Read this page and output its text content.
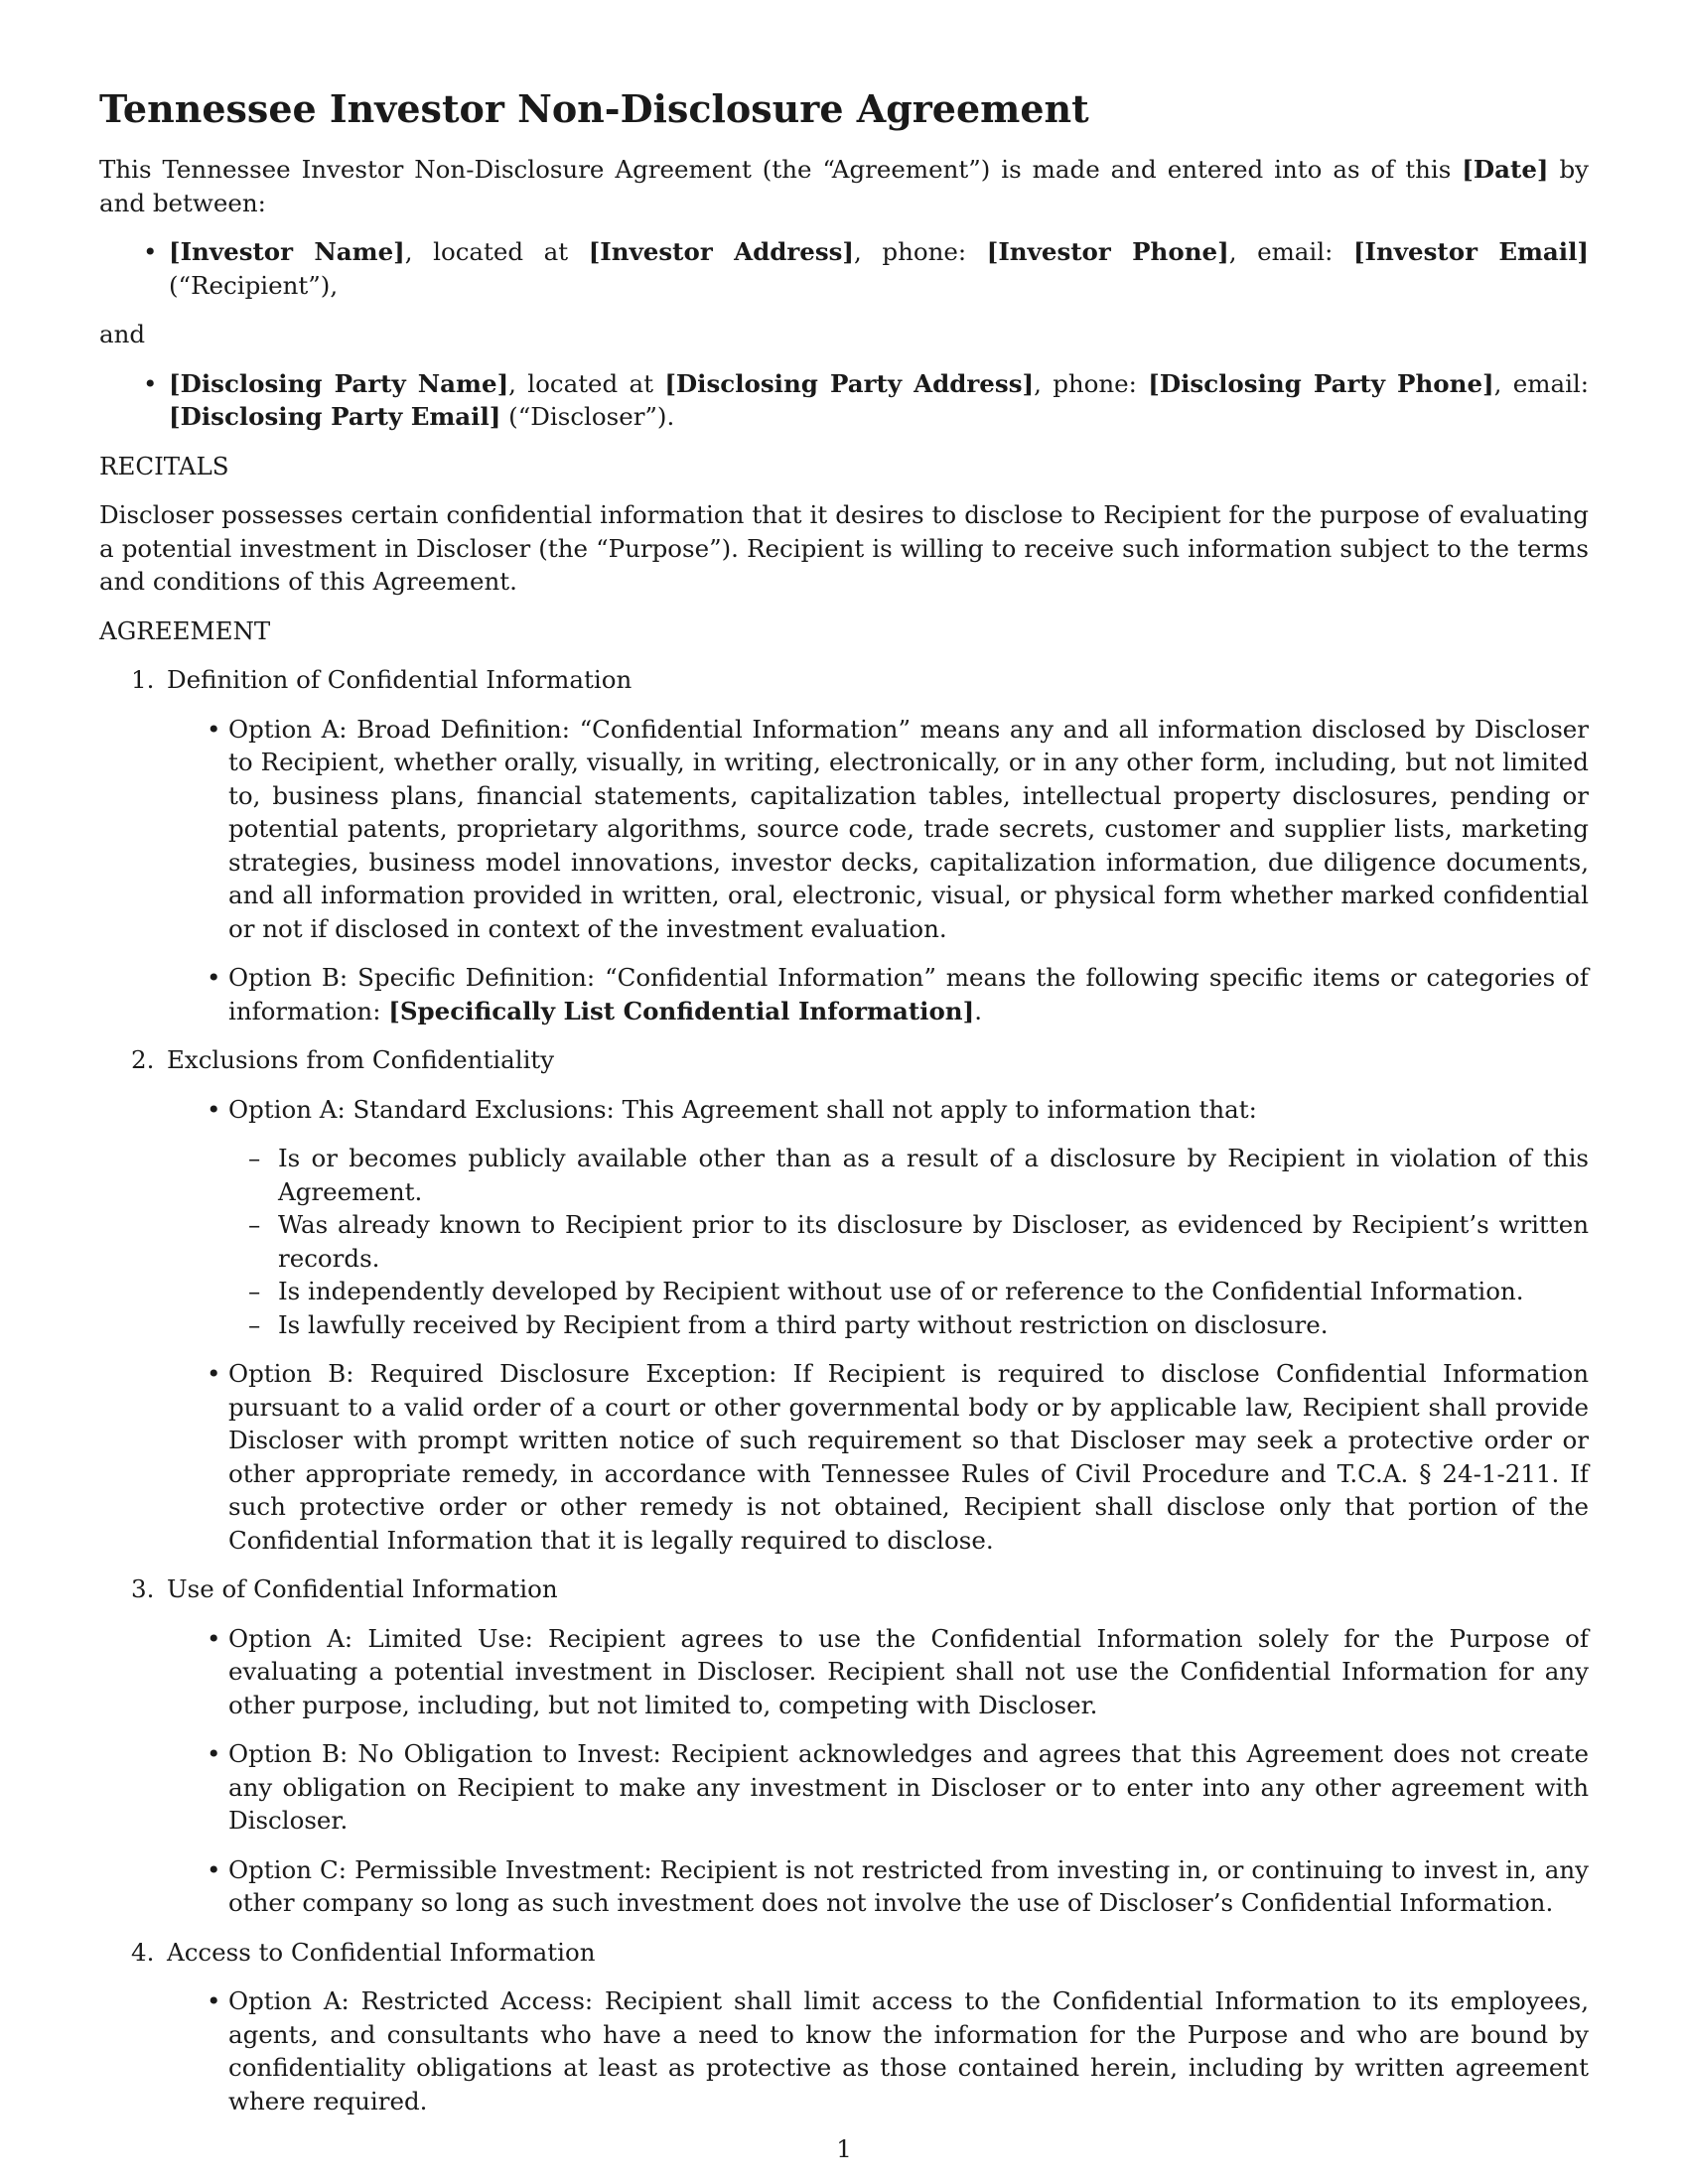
Tennessee Investor Non-Disclosure Agreement

This Tennessee Investor Non-Disclosure Agreement (the “Agreement”) is made and entered into as of this [Date] by and between:

• [Investor Name], located at [Investor Address], phone: [Investor Phone], email: [Investor Email] (“Recipient”),
and
• [Disclosing Party Name], located at [Disclosing Party Address], phone: [Disclosing Party Phone], email: [Disclosing Party Email] (“Discloser”).
RECITALS

Discloser possesses certain confidential information that it desires to disclose to Recipient for the purpose of evaluating a potential investment in Discloser (the “Purpose”). Recipient is willing to receive such information subject to the terms and conditions of this Agreement.

AGREEMENT
1. Definition of Confidential Information
• Option A: Broad Definition: “Confidential Information” means any and all information disclosed by Discloser to Recipient, whether orally, visually, in writing, electronically, or in any other form, including, but not limited to, business plans, financial statements, capitalization tables, intellectual property disclosures, pending or potential patents, proprietary algorithms, source code, trade secrets, customer and supplier lists, marketing strategies, business model innovations, investor decks, capitalization information, due diligence documents, and all information provided in written, oral, electronic, visual, or physical form whether marked confidential or not if disclosed in context of the investment evaluation.
• Option B: Specific Definition: “Confidential Information” means the following specific items or categories of information: [Specifically List Confidential Information].
2. Exclusions from Confidentiality
• Option A: Standard Exclusions: This Agreement shall not apply to information that:
– Is or becomes publicly available other than as a result of a disclosure by Recipient in violation of this Agreement.
– Was already known to Recipient prior to its disclosure by Discloser, as evidenced by Recipient’s written records.
– Is independently developed by Recipient without use of or reference to the Confidential Information.
– Is lawfully received by Recipient from a third party without restriction on disclosure.
• Option B: Required Disclosure Exception: If Recipient is required to disclose Confidential Information pursuant to a valid order of a court or other governmental body or by applicable law, Recipient shall provide Discloser with prompt written notice of such requirement so that Discloser may seek a protective order or other appropriate remedy, in accordance with Tennessee Rules of Civil Procedure and T.C.A. § 24-1-211. If such protective order or other remedy is not obtained, Recipient shall disclose only that portion of the Confidential Information that it is legally required to disclose.
3. Use of Confidential Information
• Option A: Limited Use: Recipient agrees to use the Confidential Information solely for the Purpose of evaluating a potential investment in Discloser. Recipient shall not use the Confidential Information for any other purpose, including, but not limited to, competing with Discloser.
• Option B: No Obligation to Invest: Recipient acknowledges and agrees that this Agreement does not create any obligation on Recipient to make any investment in Discloser or to enter into any other agreement with Discloser.
• Option C: Permissible Investment: Recipient is not restricted from investing in, or continuing to invest in, any other company so long as such investment does not involve the use of Discloser’s Confidential Information.
4. Access to Confidential Information
• Option A: Restricted Access: Recipient shall limit access to the Confidential Information to its employees, agents, and consultants who have a need to know the information for the Purpose and who are bound by confidentiality obligations at least as protective as those contained herein, including by written agreement where required.
1
